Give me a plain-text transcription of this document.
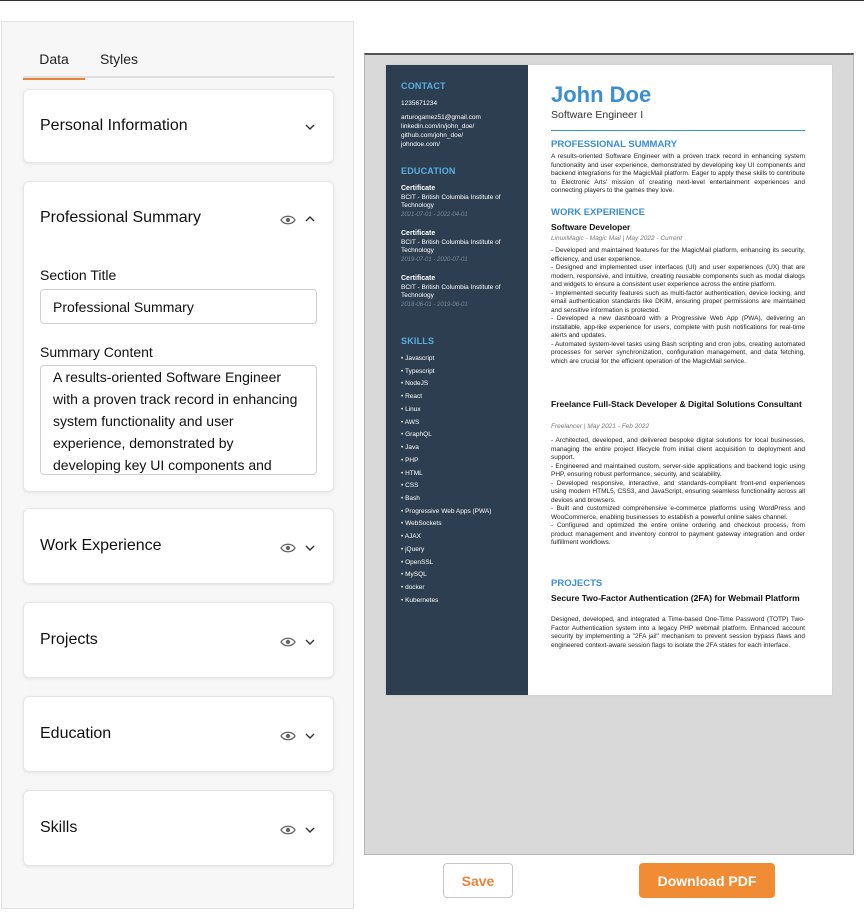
Data	Styles
Personal Information
Professional Summary
Section Title
Professional Summary
Summary Content
A results-oriented Software Engineer with a proven track record in enhancing system functionality and user experience, demonstrated by developing key UI components and backend integrations for the MagicMail platform.
Work Experience
Projects
Education
Skills
CONTACT
1235671234
arturogamez51@gmail.com
linkedin.com/in/john_doe/
github.com/john_doe/
johndoe.com/
EDUCATION
Certificate
BCIT - British Columbia Institute of Technology
2021-07-01 - 2022-04-01
Certificate
BCIT - British Columbia Institute of Technology
2019-07-01 - 2020-07-01
Certificate
BCIT - British Columbia Institute of Technology
2018-06-01 - 2019-06-01
SKILLS
• Javascript
• Typescript
• NodeJS
• React
• Linux
• AWS
• GraphQL
• Java
• PHP
• HTML
• CSS
• Bash
• Progressive Web Apps (PWA)
• WebSockets
• AJAX
• jQuery
• OpenSSL
• MySQL
• docker
• Kubernetes
John Doe
Software Engineer I
PROFESSIONAL SUMMARY
A results-oriented Software Engineer with a proven track record in enhancing system functionality and user experience, demonstrated by developing key UI components and backend integrations for the MagicMail platform. Eager to apply these skills to contribute to Electronic Arts' mission of creating next-level entertainment experiences and connecting players to the games they love.
WORK EXPERIENCE
Software Developer
LinuxMagic - Magic Mail | May 2022 - Current
- Developed and maintained features for the MagicMail platform, enhancing its security, efficiency, and user experience.
- Designed and implemented user interfaces (UI) and user experiences (UX) that are modern, responsive, and intuitive, creating reusable components such as modal dialogs and widgets to ensure a consistent user experience across the entire platform.
- Implemented security features such as multi-factor authentication, device locking, and email authentication standards like DKIM, ensuring proper permissions are maintained and sensitive information is protected.
- Developed a new dashboard with a Progressive Web App (PWA), delivering an installable, app-like experience for users, complete with push notifications for real-time alerts and updates.
- Automated system-level tasks using Bash scripting and cron jobs, creating automated processes for server synchronization, configuration management, and data fetching, which are crucial for the efficient operation of the MagicMail service.
Freelance Full-Stack Developer & Digital Solutions Consultant
Freelancer | May 2021 - Feb 2022
- Architected, developed, and delivered bespoke digital solutions for local businesses, managing the entire project lifecycle from initial client acquisition to deployment and support.
- Engineered and maintained custom, server-side applications and backend logic using PHP, ensuring robust performance, security, and scalability.
- Developed responsive, interactive, and standards-compliant front-end experiences using modern HTML5, CSS3, and JavaScript, ensuring seamless functionality across all devices and browsers.
- Built and customized comprehensive e-commerce platforms using WordPress and WooCommerce, enabling businesses to establish a powerful online sales channel.
- Configured and optimized the entire online ordering and checkout process, from product management and inventory control to payment gateway integration and order fulfillment workflows.
PROJECTS
Secure Two-Factor Authentication (2FA) for Webmail Platform
Designed, developed, and integrated a Time-based One-Time Password (TOTP) Two-Factor Authentication system into a legacy PHP webmail platform. Enhanced account security by implementing a "2FA jail" mechanism to prevent session bypass flaws and engineered context-aware session flags to isolate the 2FA states for each interface.
Save	Download PDF
